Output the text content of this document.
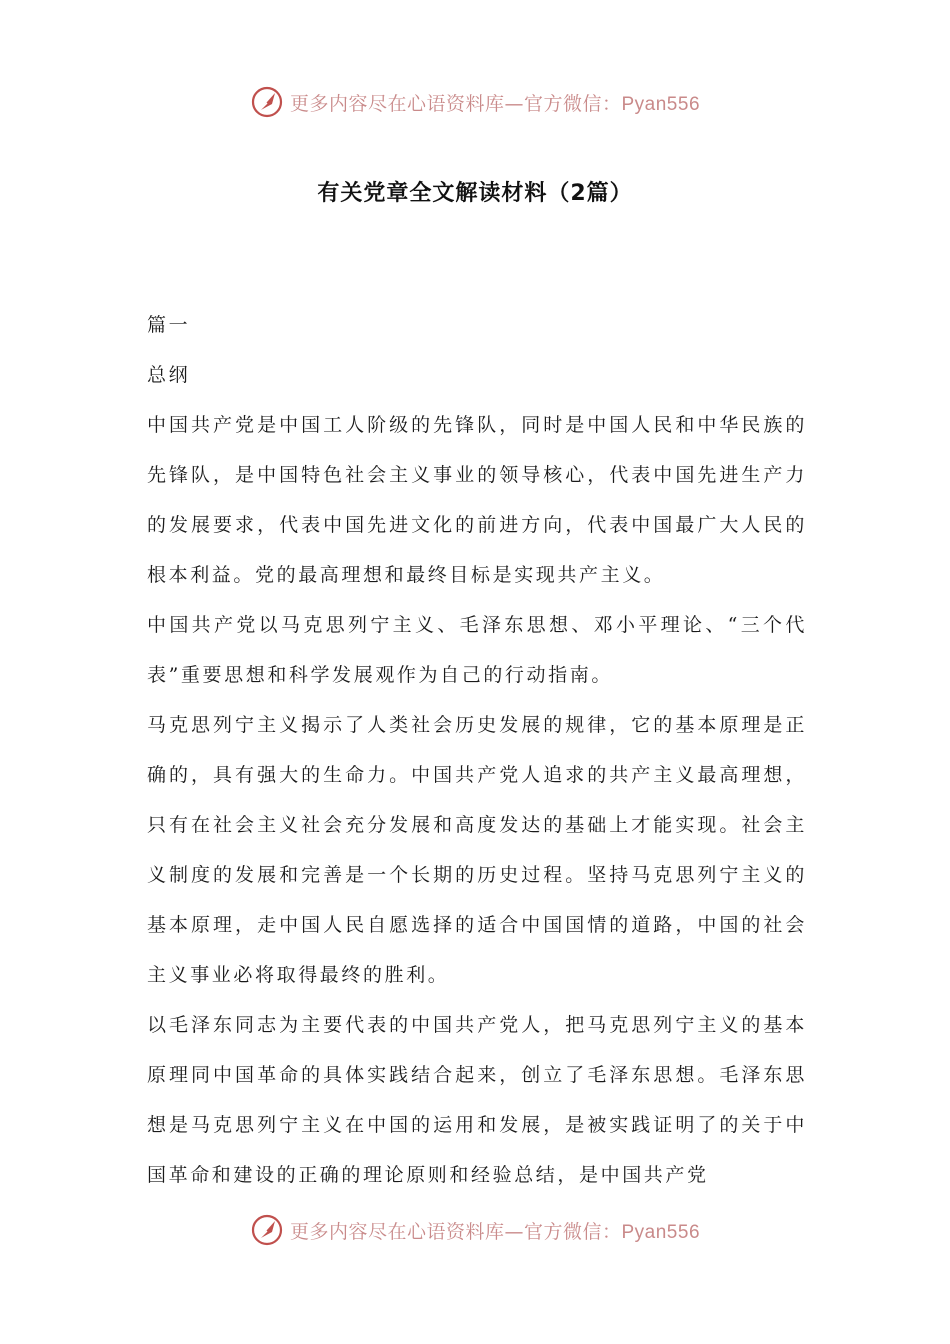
更多内容尽在心语资料库—官方微信：Pyan556
有关党章全文解读材料（2篇）

篇一

总纲

中国共产党是中国工人阶级的先锋队，同时是中国人民和中华民族的先锋队，是中国特色社会主义事业的领导核心，代表中国先进生产力的发展要求，代表中国先进文化的前进方向，代表中国最广大人民的根本利益。党的最高理想和最终目标是实现共产主义。

中国共产党以马克思列宁主义、毛泽东思想、邓小平理论、“三个代表”重要思想和科学发展观作为自己的行动指南。

马克思列宁主义揭示了人类社会历史发展的规律，它的基本原理是正确的，具有强大的生命力。中国共产党人追求的共产主义最高理想，只有在社会主义社会充分发展和高度发达的基础上才能实现。社会主义制度的发展和完善是一个长期的历史过程。坚持马克思列宁主义的基本原理，走中国人民自愿选择的适合中国国情的道路，中国的社会主义事业必将取得最终的胜利。

以毛泽东同志为主要代表的中国共产党人，把马克思列宁主义的基本原理同中国革命的具体实践结合起来，创立了毛泽东思想。毛泽东思想是马克思列宁主义在中国的运用和发展，是被实践证明了的关于中国革命和建设的正确的理论原则和经验总结，是中国共产党

更多内容尽在心语资料库—官方微信：Pyan556
